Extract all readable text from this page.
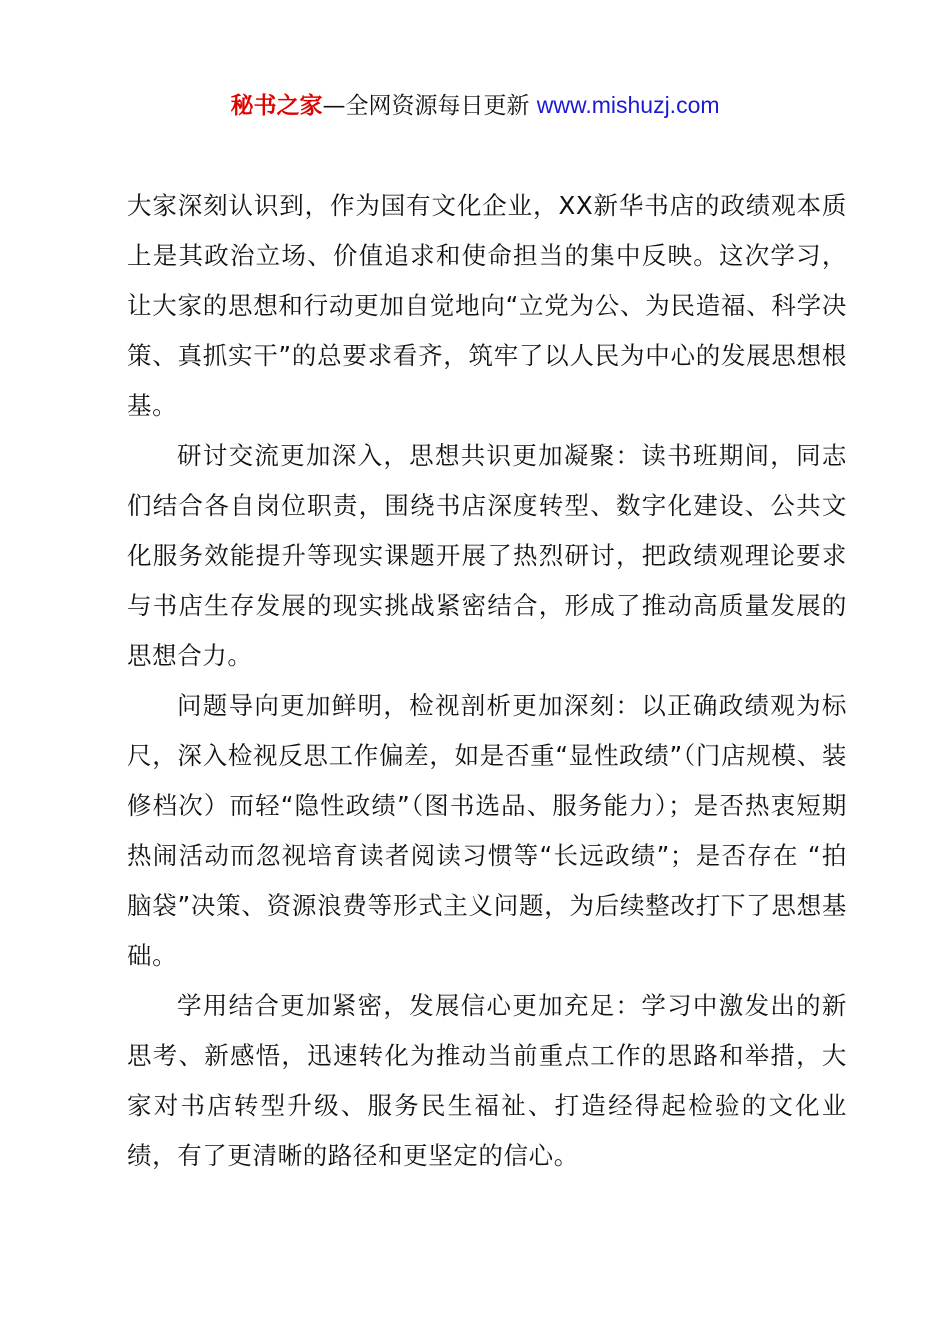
秘书之家—全网资源每日更新 www.mishuzj.com

大家深刻认识到，作为国有文化企业，XX新华书店的政绩观本质上是其政治立场、价值追求和使命担当的集中反映。这次学习，让大家的思想和行动更加自觉地向“立党为公、为民造福、科学决策、真抓实干”的总要求看齐，筑牢了以人民为中心的发展思想根基。

研讨交流更加深入，思想共识更加凝聚：读书班期间，同志们结合各自岗位职责，围绕书店深度转型、数字化建设、公共文化服务效能提升等现实课题开展了热烈研讨，把政绩观理论要求与书店生存发展的现实挑战紧密结合，形成了推动高质量发展的思想合力。

问题导向更加鲜明，检视剖析更加深刻：以正确政绩观为标尺，深入检视反思工作偏差，如是否重“显性政绩”（门店规模、装修档次）而轻“隐性政绩”（图书选品、服务能力）；是否热衷短期热闹活动而忽视培育读者阅读习惯等“长远政绩”；是否存在 “拍脑袋”决策、资源浪费等形式主义问题，为后续整改打下了思想基础。

学用结合更加紧密，发展信心更加充足：学习中激发出的新思考、新感悟，迅速转化为推动当前重点工作的思路和举措，大家对书店转型升级、服务民生福祉、打造经得起检验的文化业绩，有了更清晰的路径和更坚定的信心。
